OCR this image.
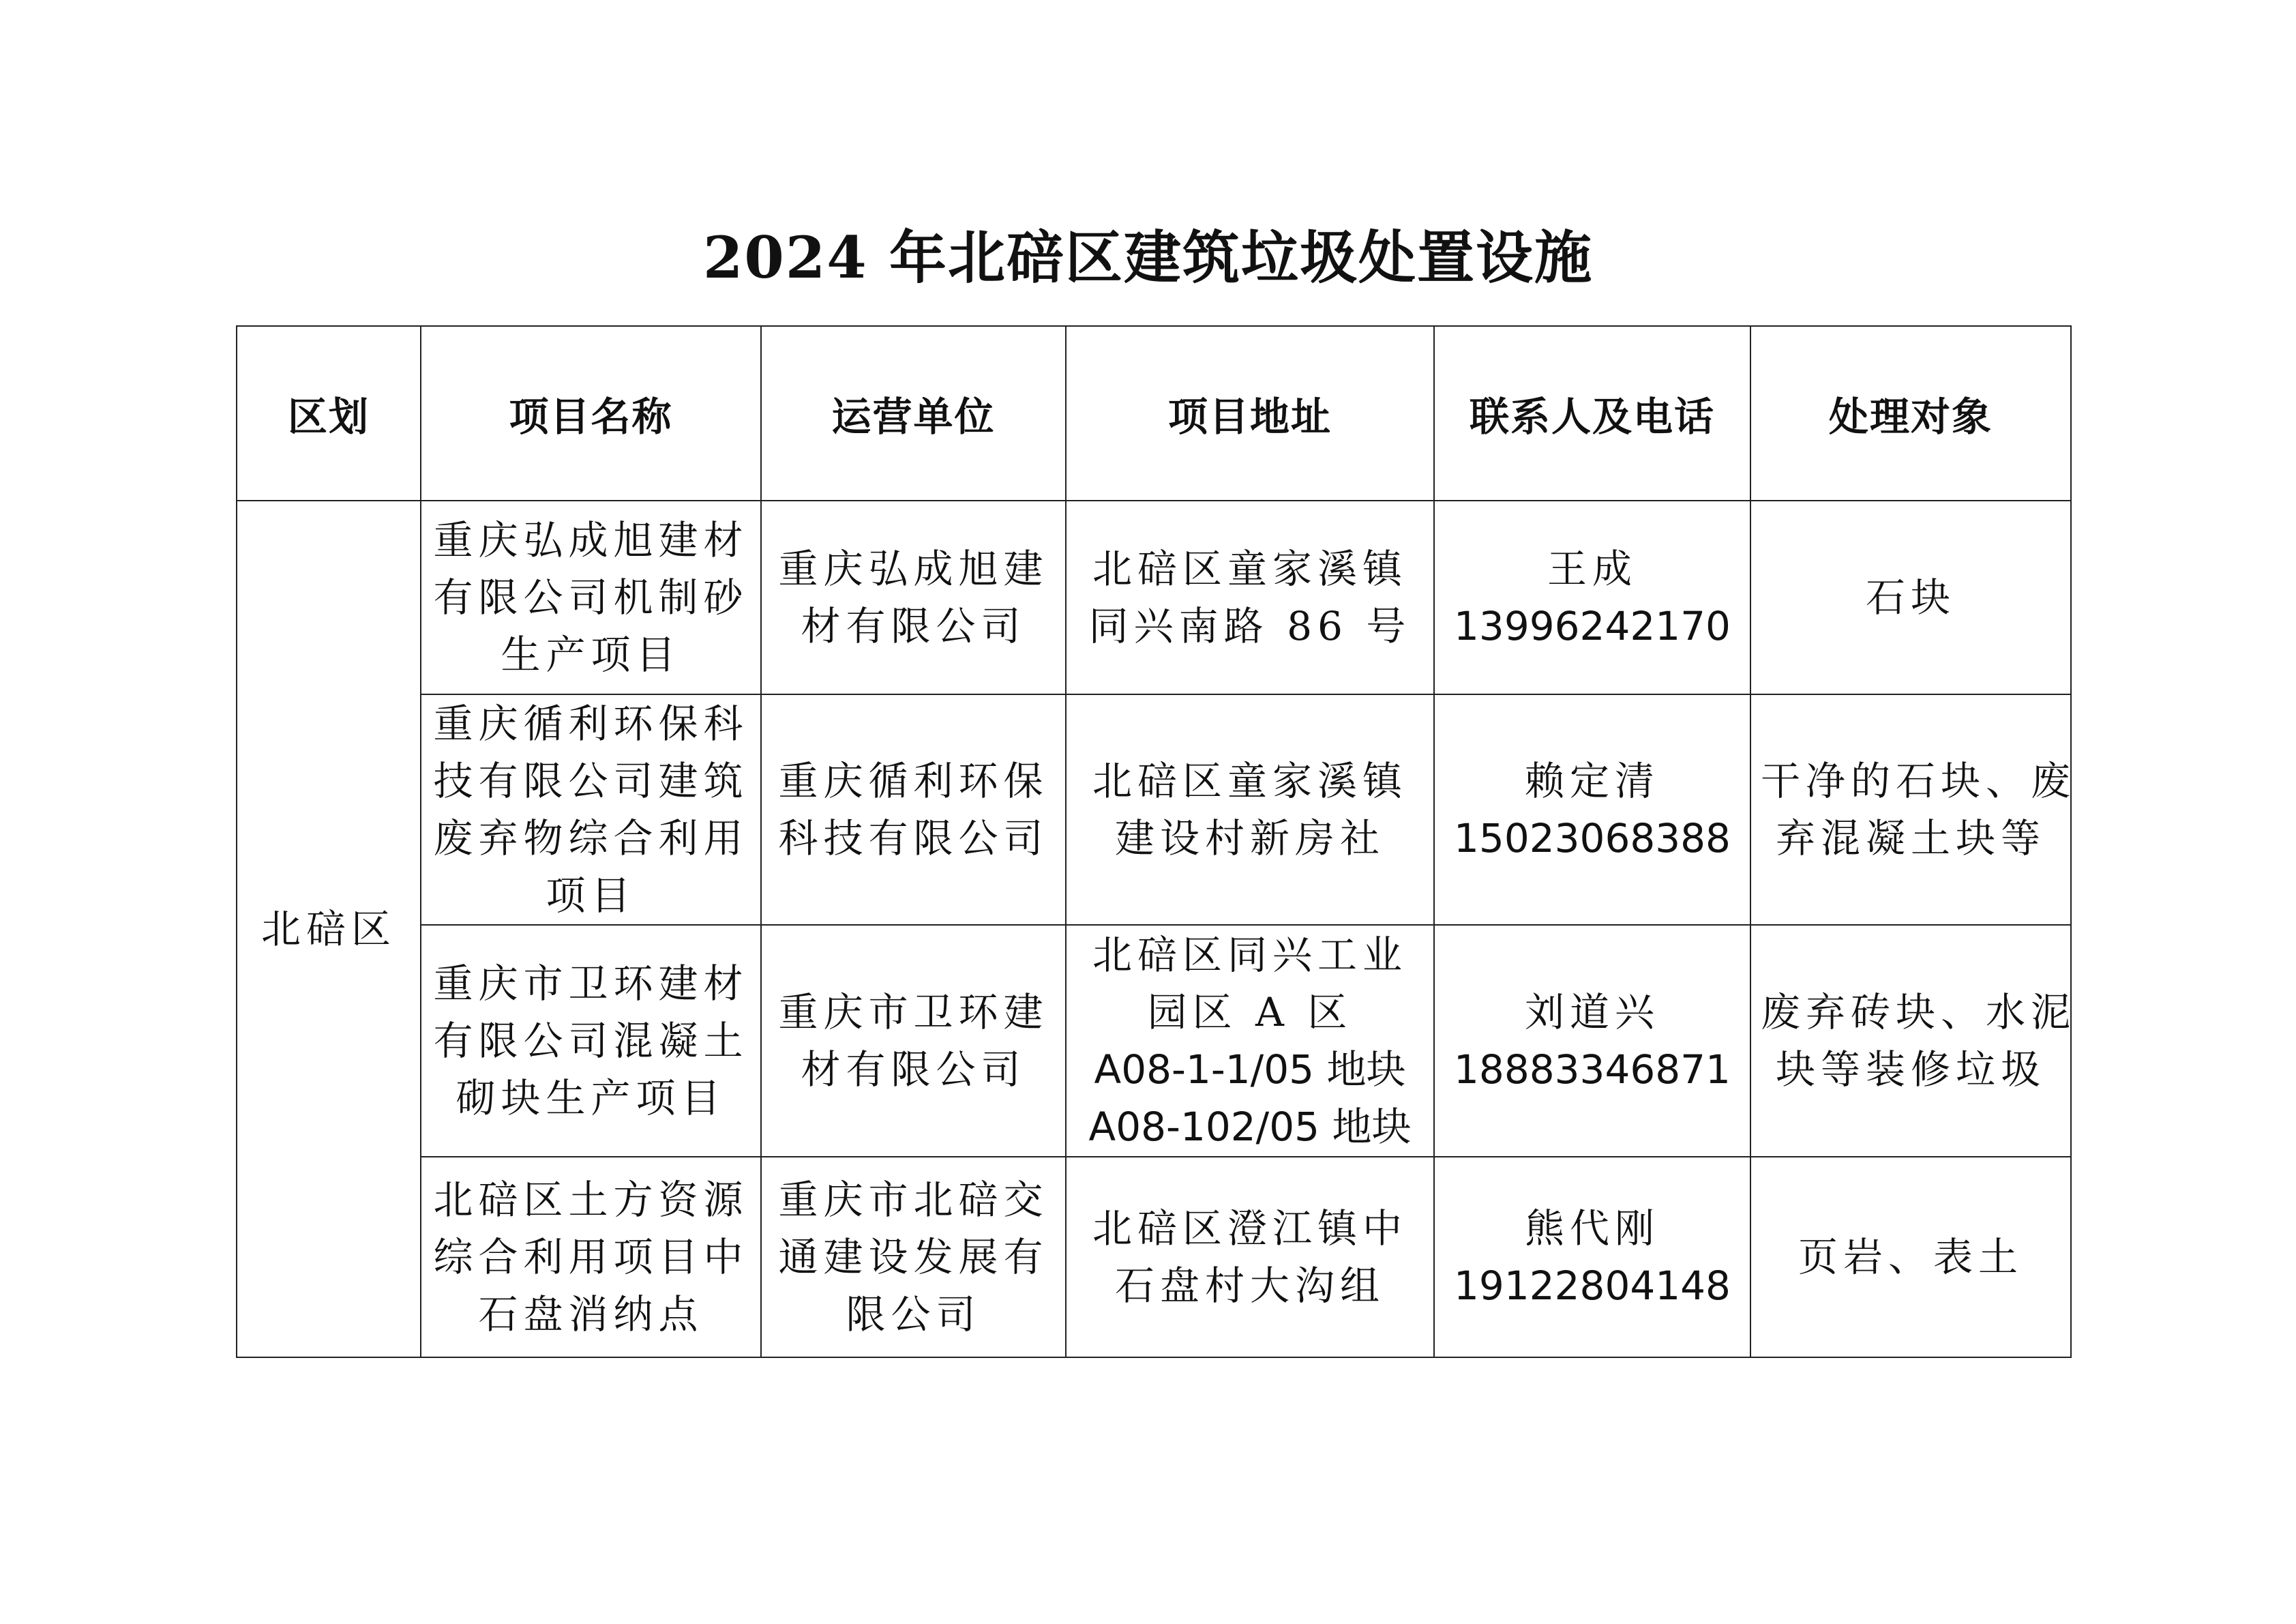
2024 年北碚区建筑垃圾处置设施
区划	项目名称	运营单位	项目地址	联系人及电话	处理对象

北碚区	重庆弘成旭建材
有限公司机制砂
生产项目	重庆弘成旭建
材有限公司	北碚区童家溪镇
同兴南路 86 号	王成
13996242170	石块

	重庆循利环保科
技有限公司建筑
废弃物综合利用
项目	重庆循利环保
科技有限公司	北碚区童家溪镇
建设村新房社	赖定清
15023068388	干净的石块、废
弃混凝土块等

	重庆市卫环建材
有限公司混凝土
砌块生产项目	重庆市卫环建
材有限公司	北碚区同兴工业
园区 A 区
A08-1-1/05 地块
A08-102/05 地块	刘道兴
18883346871	废弃砖块、水泥
块等装修垃圾

	北碚区土方资源
综合利用项目中
石盘消纳点	重庆市北碚交
通建设发展有
限公司	北碚区澄江镇中
石盘村大沟组	熊代刚
19122804148	页岩、表土
